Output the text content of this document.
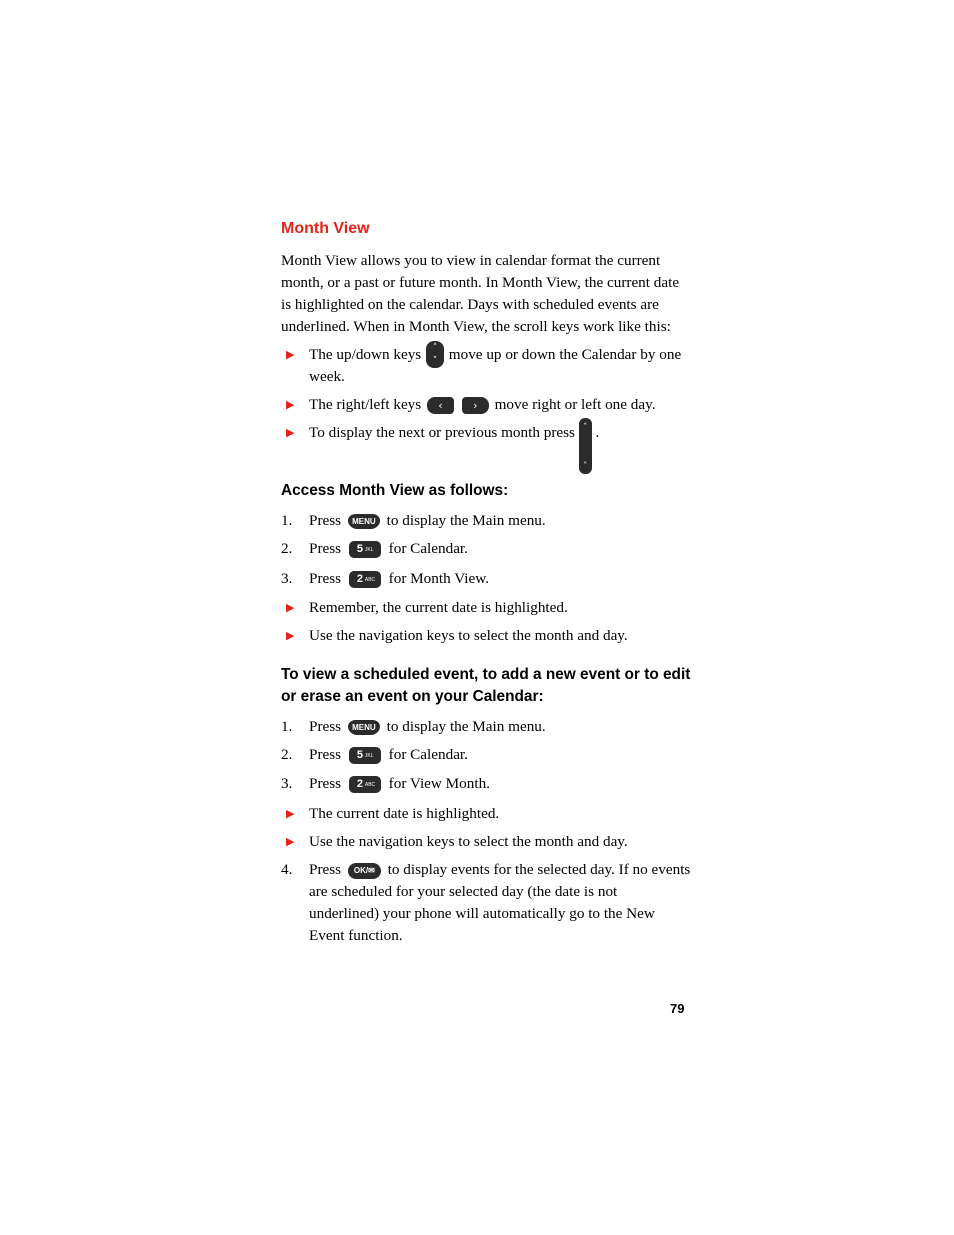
Month View

Month View allows you to view in calendar format the current month, or a past or future month. In Month View, the current date is highlighted on the calendar. Days with scheduled events are underlined. When in Month View, the scroll keys work like this:

▶ The up/down keys	˄
˅ move up or down the Calendar by one week.
▶ The right/left keys ‹	› move right or left one day.
▶ To display the next or previous month press	˄
˅
.
Access Month View as follows:
1. Press MENU to display the Main menu.
2. Press 5 JKL for Calendar.
3. Press 2 ABC for Month View.
▶ Remember, the current date is highlighted.
▶ Use the navigation keys to select the month and day.
To view a scheduled event, to add a new event or to edit or erase an event on your Calendar:
1. Press MENU to display the Main menu.
2. Press 5 JKL for Calendar.
3. Press 2 ABC for View Month.
▶ The current date is highlighted.
▶ Use the navigation keys to select the month and day.
4. Press OK/✉ to display events for the selected day. If no events are scheduled for your selected day (the date is not underlined) your phone will automatically go to the New Event function.
79
